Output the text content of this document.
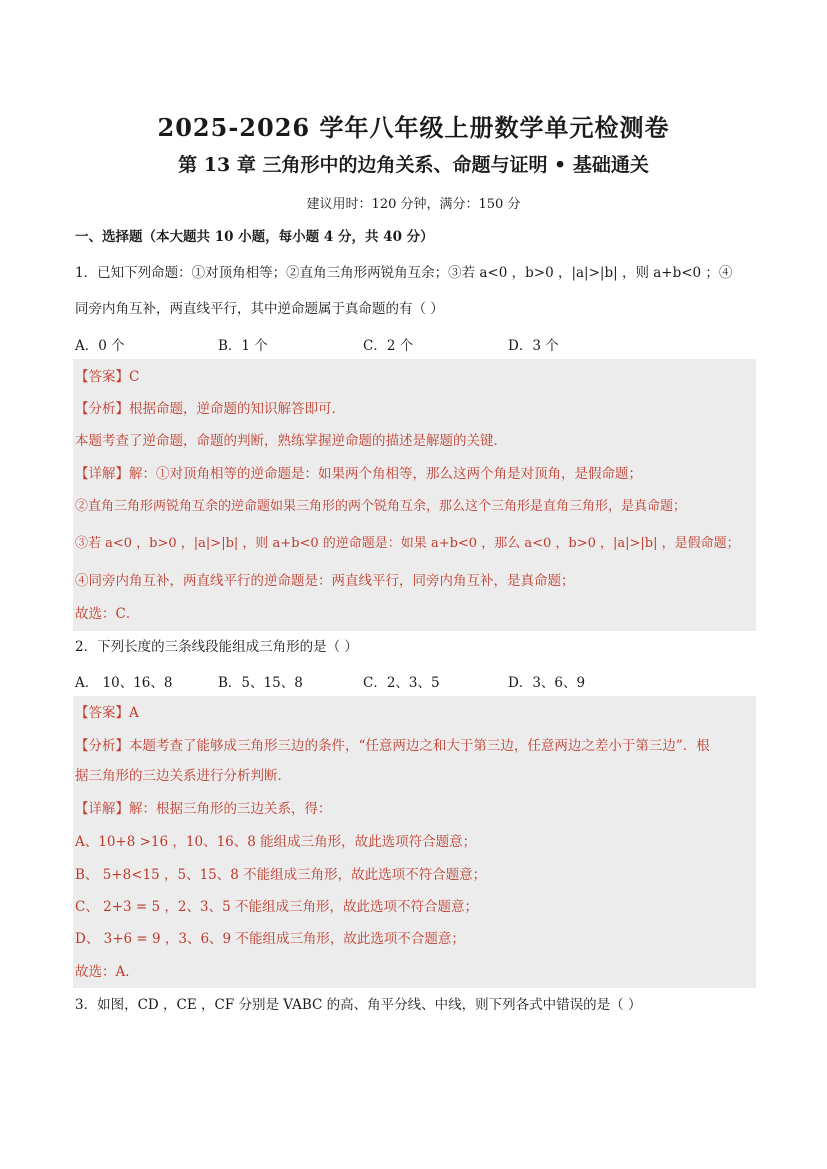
2025-2026 学年八年级上册数学单元检测卷
第 13 章 三角形中的边角关系、命题与证明 • 基础通关
建议用时：120 分钟，满分：150 分
一、选择题（本大题共 10 小题，每小题 4 分，共 40 分）
1．已知下列命题：①对顶角相等；②直角三角形两锐角互余；③若 a<0 ，b>0 ，|a|>|b| ，则 a+b<0 ；④
同旁内角互补，两直线平行，其中逆命题属于真命题的有（ ）
A．0 个	B．1 个	C．2 个	D．3 个
【答案】C
【分析】根据命题，逆命题的知识解答即可．
本题考查了逆命题，命题的判断，熟练掌握逆命题的描述是解题的关键．
【详解】解：①对顶角相等的逆命题是：如果两个角相等，那么这两个角是对顶角，是假命题；
②直角三角形两锐角互余的逆命题如果三角形的两个锐角互余，那么这个三角形是直角三角形，是真命题；
③若 a<0 ，b>0 ，|a|>|b| ，则 a+b<0 的逆命题是：如果 a+b<0 ，那么 a<0 ，b>0 ，|a|>|b| ，是假命题；
④同旁内角互补，两直线平行的逆命题是：两直线平行，同旁内角互补，是真命题；
故选：C．
2．下列长度的三条线段能组成三角形的是（ ）
A． 10、16、8	B．5、15、8	C．2、3、5	D．3、6、9
【答案】A
【分析】本题考查了能够成三角形三边的条件，“任意两边之和大于第三边，任意两边之差小于第三边”．根
据三角形的三边关系进行分析判断．
【详解】解：根据三角形的三边关系，得：
A、10+8 >16 ，10、16、8 能组成三角形，故此选项符合题意；
B、 5+8<15 ，5、15、8 不能组成三角形，故此选项不符合题意；
C、 2+3 = 5 ，2、3、5 不能组成三角形，故此选项不符合题意；
D、 3+6 = 9 ，3、6、9 不能组成三角形，故此选项不合题意；
故选：A．
3．如图，CD ，CE ，CF 分别是 VABC 的高、角平分线、中线，则下列各式中错误的是（ ）
